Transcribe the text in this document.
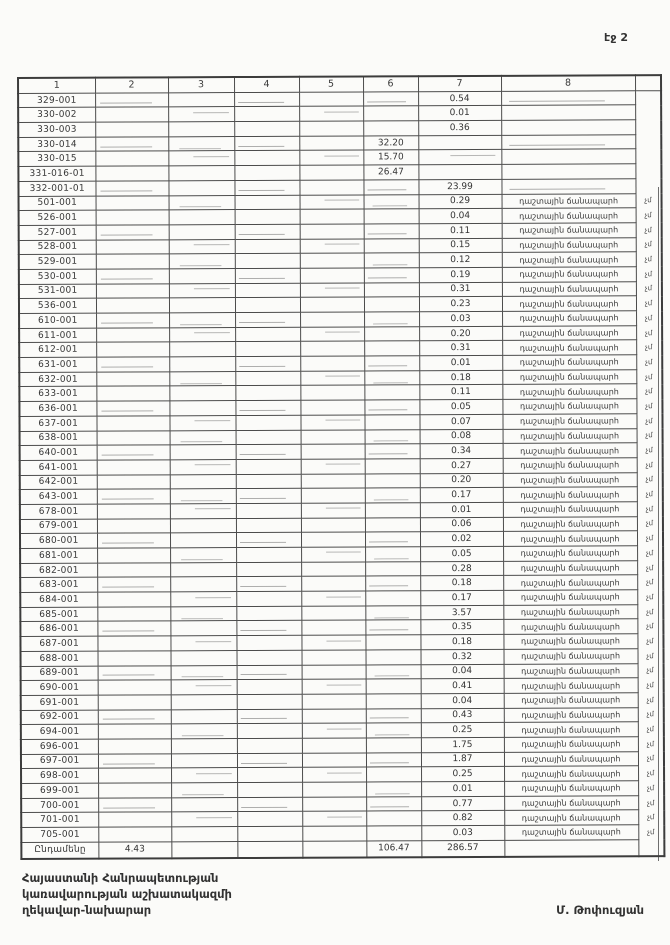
էջ 2
1	2	3	4	5	6	7	8	
329-001						0.54		
330-002						0.01		
330-003						0.36		
330-014					32.20			
330-015					15.70			
331-016-01					26.47			
332-001-01						23.99		
501-001						0.29	դաշտային ճանապարհ	չմ
526-001						0.04	դաշտային ճանապարհ	չմ
527-001						0.11	դաշտային ճանապարհ	չմ
528-001						0.15	դաշտային ճանապարհ	չմ
529-001						0.12	դաշտային ճանապարհ	չմ
530-001						0.19	դաշտային ճանապարհ	չմ
531-001						0.31	դաշտային ճանապարհ	չմ
536-001						0.23	դաշտային ճանապարհ	չմ
610-001						0.03	դաշտային ճանապարհ	չմ
611-001						0.20	դաշտային ճանապարհ	չմ
612-001						0.31	դաշտային ճանապարհ	չմ
631-001						0.01	դաշտային ճանապարհ	չմ
632-001						0.18	դաշտային ճանապարհ	չմ
633-001						0.11	դաշտային ճանապարհ	չմ
636-001						0.05	դաշտային ճանապարհ	չմ
637-001						0.07	դաշտային ճանապարհ	չմ
638-001						0.08	դաշտային ճանապարհ	չմ
640-001						0.34	դաշտային ճանապարհ	չմ
641-001						0.27	դաշտային ճանապարհ	չմ
642-001						0.20	դաշտային ճանապարհ	չմ
643-001						0.17	դաշտային ճանապարհ	չմ
678-001						0.01	դաշտային ճանապարհ	չմ
679-001						0.06	դաշտային ճանապարհ	չմ
680-001						0.02	դաշտային ճանապարհ	չմ
681-001						0.05	դաշտային ճանապարհ	չմ
682-001						0.28	դաշտային ճանապարհ	չմ
683-001						0.18	դաշտային ճանապարհ	չմ
684-001						0.17	դաշտային ճանապարհ	չմ
685-001						3.57	դաշտային ճանապարհ	չմ
686-001						0.35	դաշտային ճանապարհ	չմ
687-001						0.18	դաշտային ճանապարհ	չմ
688-001						0.32	դաշտային ճանապարհ	չմ
689-001						0.04	դաշտային ճանապարհ	չմ
690-001						0.41	դաշտային ճանապարհ	չմ
691-001						0.04	դաշտային ճանապարհ	չմ
692-001						0.43	դաշտային ճանապարհ	չմ
694-001						0.25	դաշտային ճանապարհ	չմ
696-001						1.75	դաշտային ճանապարհ	չմ
697-001						1.87	դաշտային ճանապարհ	չմ
698-001						0.25	դաշտային ճանապարհ	չմ
699-001						0.01	դաշտային ճանապարհ	չմ
700-001						0.77	դաշտային ճանապարհ	չմ
701-001						0.82	դաշտային ճանապարհ	չմ
705-001						0.03	դաշտային ճանապարհ	չմ
Ընդամենը	4.43				106.47	286.57		
Հայաստանի Հանրապետության
կառավարության աշխատակազմի
ղեկավար-նախարար	Մ. Թոփուզյան
